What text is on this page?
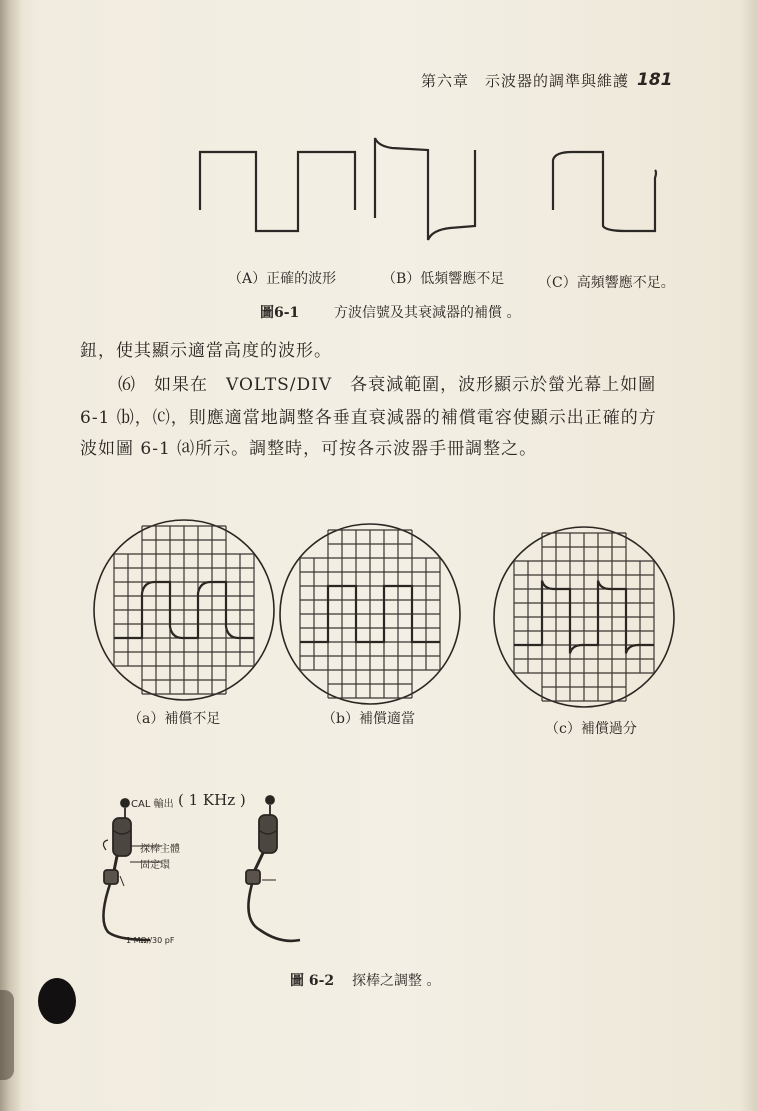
第六章　示波器的調準與維護 181
（A）正確的波形	（B）低頻響應不足 （C）高頻響應不足。
圖6-1 方波信號及其衰減器的補償 。
鈕，使其顯示適當高度的波形。
⑹　如果在　VOLTS/DIV　各衰減範圍，波形顯示於螢光幕上如圖
6-1 ⒝，⒞，則應適當地調整各垂直衰減器的補償電容使顯示出正確的方
波如圖 6-1 ⒜所示。調整時，可按各示波器手冊調整之。
（a）補償不足	（b）補償適當
（c）補償過分
CAL 輸出 ( 1 KHz )
探棒主體
固定環
1 MΩ//30 pF
圖 6-2 探棒之調整 。
